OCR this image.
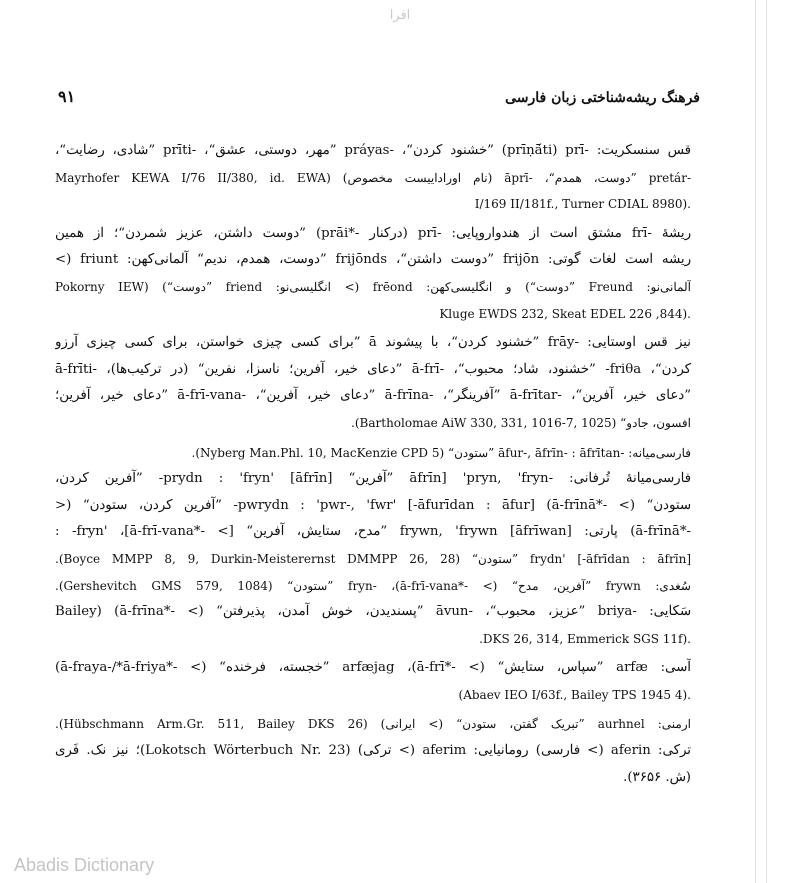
افرا
فرهنگ ریشه‌شناختی زبان فارسی
۹۱
قس سنسکریت: -prīṇā́ti) prī) ”خشنود کردن“، -práyas ”مهر، دوستی، عشق“، -prīti ”شادی، رضایت“،
-pretár ”دوست، همدم“، -āprī (نام اوراداییست مخصوص) (Mayrhofer KEWA I/76 II/380, id. EWA
.(I/169 II/181f., Turner CDIAL 8980
ریشهٔ -frī مشتق است از هندواروپایی: -prī (درکنار -*prāi) ”دوست داشتن، عزیز شمردن“؛ از همین
ریشه است لغات گوتی: frijōn ”دوست داشتن“، frijōnds ”دوست، همدم، ندیم“ آلمانی‌کهن: friunt (>
آلمانی‌نو: Freund ”دوست“) و انگلیسی‌کهن: frēond (> انگلیسی‌نو: friend ”دوست“) (Pokorny IEW
.(844, Kluge EWDS 232, Skeat EDEL 226
نیز قس اوستایی: -frāy ”خشنود کردن“، با پیشوند ā ”برای کسی چیزی خواستن، برای کسی چیزی آرزو
کردن“، friθa- ”خشنود، شاد؛ محبوب“، -ā-frī ”دعای خیر، آفرین؛ ناسزا، نفرین“ (در ترکیب‌ها)، -ā-frīti
”دعای خیر، آفرین“، -ā-frītar ”آفرینگر“، -ā-frīna ”دعای خیر، آفرین“، -ā-frī-vana ”دعای خیر، آفرین؛
افسون، جادو“ (Bartholomae AiW 330, 331, 1016-7, 1025).
فارسی‌میانه: -āfur-, āfrīn- : āfrītan ”ستودن“ (Nyberg Man.Phl. 10, MacKenzie CPD 5).
فارسی‌میانهٔ تُرفانی: -āfrīn] 'pryn, 'fryn ”آفرین“ [āfrīn] 'prydn : 'fryn- ”آفرین کردن،
ستودن“ (> -*ā-frīnā) [āfurīdan : āfur-] 'pwrydn : 'pwr-, 'fwr- ”آفرین کردن، ستودن“ (<
-*ā-frīnā) پارتی: frywn, 'frywn [āfrīwan] ”مدح، ستایش، آفرین“ [> -*ā-frī-vana]، 'fryn- :
[āfrīdan : āfrīn-] 'frydn ”ستودن“ (Boyce MMPP 8, 9, Durkin-Meisterernst DMMPP 26, 28).
سُغدی: frywn ”آفرین، مدح“ (> -*ā-frī-vana)، -fryn ”ستودن“ (Gershevitch GMS 579, 1084).
سَکایی: -briya ”عزیز، محبوب“، -āvun ”پسندیدن، خوش آمدن، پذیرفتن“ (> -*ā-frīna) (Bailey
.(DKS 26, 314, Emmerick SGS 11f.
آسی: arfæ ”سپاس، ستایش“ (> -*ā-frī)، arfæjag ”خجسته، فرخنده“ (> -*ā-fraya-/*ā-friya)
.(Abaev IEO I/63f., Bailey TPS 1945 4)
ارمنی: aurhnel ”تبریک گفتن، ستودن“ (> ایرانی) (Hübschmann Arm.Gr. 511, Bailey DKS 26).
ترکی: aferin (> فارسی) رومانیایی: aferim (> ترکی) (Lokotsch Wörterbuch Nr. 23)؛ نیز نک. فَری
(ش. ۳۶۵۶).
Abadis Dictionary
